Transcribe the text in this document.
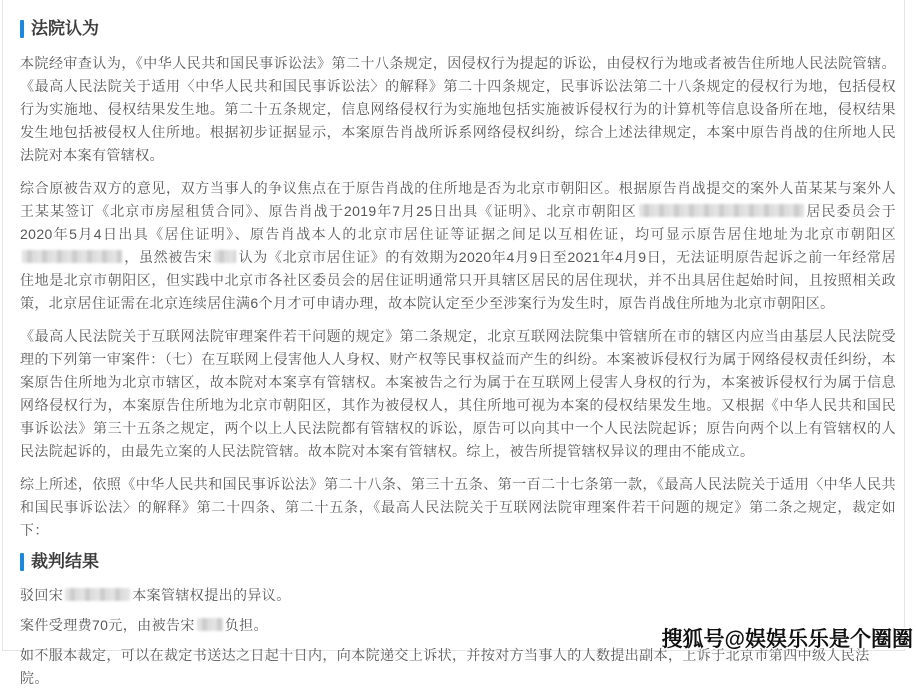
法院认为

本院经审查认为，《中华人民共和国民事诉讼法》第二十八条规定，因侵权行为提起的诉讼，由侵权行为地或者被告住所地人民法院管辖。《最高人民法院关于适用〈中华人民共和国民事诉讼法〉的解释》第二十四条规定，民事诉讼法第二十八条规定的侵权行为地，包括侵权行为实施地、侵权结果发生地。第二十五条规定，信息网络侵权行为实施地包括实施被诉侵权行为的计算机等信息设备所在地，侵权结果发生地包括被侵权人住所地。根据初步证据显示，本案原告肖战所诉系网络侵权纠纷，综合上述法律规定，本案中原告肖战的住所地人民法院对本案有管辖权。

综合原被告双方的意见，双方当事人的争议焦点在于原告肖战的住所地是否为北京市朝阳区。根据原告肖战提交的案外人苗某某与案外人王某某签订《北京市房屋租赁合同》、原告肖战于2019年7月25日出具《证明》、北京市朝阳区	居民委员会于2020年5月4日出具《居住证明》、原告肖战本人的北京市居住证等证据之间足以互相佐证，均可显示原告居住地址为北京市朝阳区，虽然被告宋 认为《北京市居住证》的有效期为2020年4月9日至2021年4月9日，无法证明原告起诉之前一年经常居住地是北京市朝阳区，但实践中北京市各社区委员会的居住证明通常只开具辖区居民的居住现状，并不出具居住起始时间，且按照相关政策，北京居住证需在北京连续居住满6个月才可申请办理，故本院认定至少至涉案行为发生时，原告肖战住所地为北京市朝阳区。

《最高人民法院关于互联网法院审理案件若干问题的规定》第二条规定，北京互联网法院集中管辖所在市的辖区内应当由基层人民法院受理的下列第一审案件：（七）在互联网上侵害他人人身权、财产权等民事权益而产生的纠纷。本案被诉侵权行为属于网络侵权责任纠纷，本案原告住所地为北京市辖区，故本院对本案享有管辖权。本案被告之行为属于在互联网上侵害人身权的行为，本案被诉侵权行为属于信息网络侵权行为，本案原告住所地为北京市朝阳区，其作为被侵权人，其住所地可视为本案的侵权结果发生地。又根据《中华人民共和国民事诉讼法》第三十五条之规定，两个以上人民法院都有管辖权的诉讼，原告可以向其中一个人民法院起诉；原告向两个以上有管辖权的人民法院起诉的，由最先立案的人民法院管辖。故本院对本案有管辖权。综上，被告所提管辖权异议的理由不能成立。

综上所述，依照《中华人民共和国民事诉讼法》第二十八条、第三十五条、第一百二十七条第一款，《最高人民法院关于适用〈中华人民共和国民事诉讼法〉的解释》第二十四条、第二十五条，《最高人民法院关于互联网法院审理案件若干问题的规定》第二条之规定，裁定如下：

裁判结果

驳回宋	本案管辖权提出的异议。

案件受理费70元，由被告宋 负担。

如不服本裁定，可以在裁定书送达之日起十日内，向本院递交上诉状，并按对方当事人的人数提出副本，上诉于北京市第四中级人民法院。

搜狐号@娱娱乐乐是个圈圈
